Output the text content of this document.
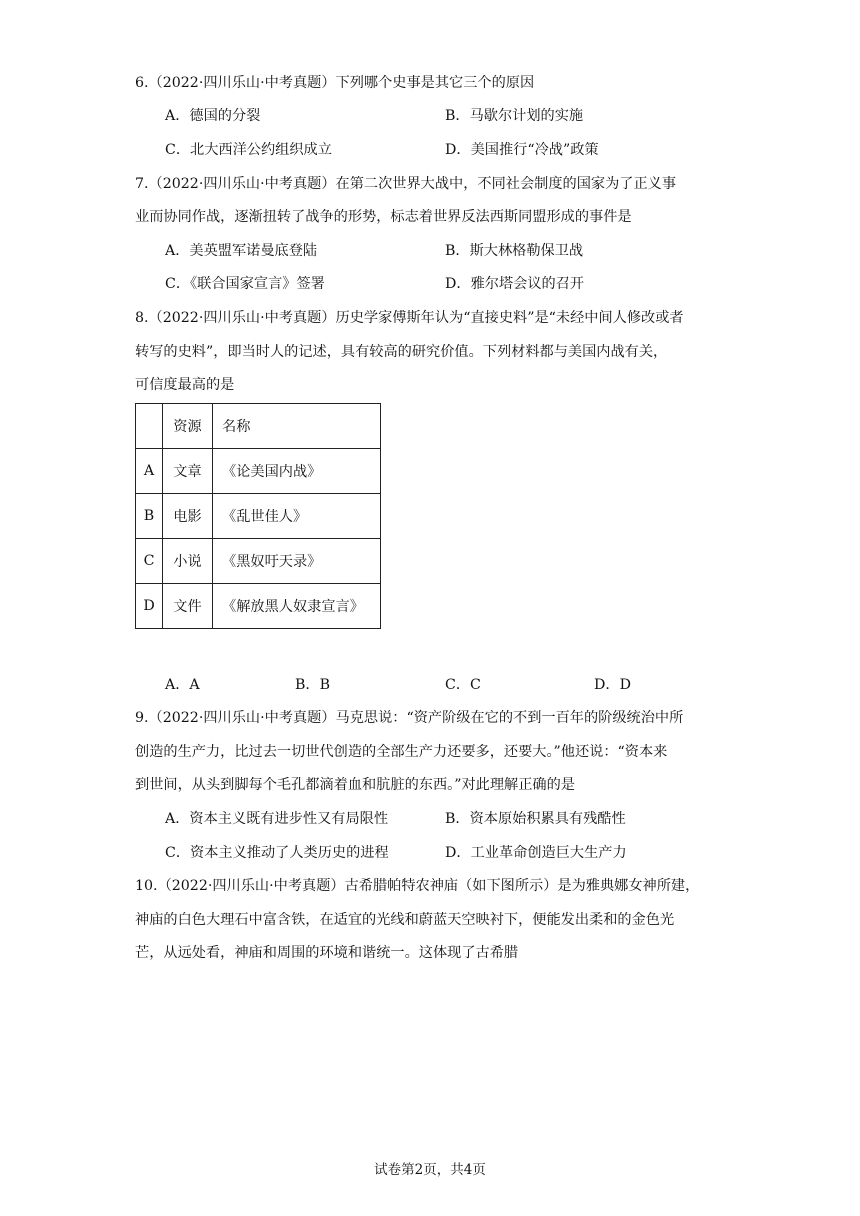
6.（2022·四川乐山·中考真题）下列哪个史事是其它三个的原因
A．德国的分裂	B．马歇尔计划的实施
C．北大西洋公约组织成立	D．美国推行“冷战”政策
7.（2022·四川乐山·中考真题）在第二次世界大战中，不同社会制度的国家为了正义事
业而协同作战，逐渐扭转了战争的形势，标志着世界反法西斯同盟形成的事件是
A．美英盟军诺曼底登陆	B．斯大林格勒保卫战
C．《联合国家宣言》签署	D．雅尔塔会议的召开
8.（2022·四川乐山·中考真题）历史学家傅斯年认为“直接史料”是“未经中间人修改或者
转写的史料”，即当时人的记述，具有较高的研究价值。下列材料都与美国内战有关，
可信度最高的是
	资源	名称
A	文章	《论美国内战》
B	电影	《乱世佳人》
C	小说	《黑奴吁天录》
D	文件	《解放黑人奴隶宣言》
A．A	B．B	C．C	D．D
9.（2022·四川乐山·中考真题）马克思说：“资产阶级在它的不到一百年的阶级统治中所
创造的生产力，比过去一切世代创造的全部生产力还要多，还要大。”他还说：“资本来
到世间，从头到脚每个毛孔都滴着血和肮脏的东西。”对此理解正确的是
A．资本主义既有进步性又有局限性	B．资本原始积累具有残酷性
C．资本主义推动了人类历史的进程	D．工业革命创造巨大生产力
10.（2022·四川乐山·中考真题）古希腊帕特农神庙（如下图所示）是为雅典娜女神所建，
神庙的白色大理石中富含铁，在适宜的光线和蔚蓝天空映衬下，便能发出柔和的金色光
芒，从远处看，神庙和周围的环境和谐统一。这体现了古希腊
试卷第2页，共4页
